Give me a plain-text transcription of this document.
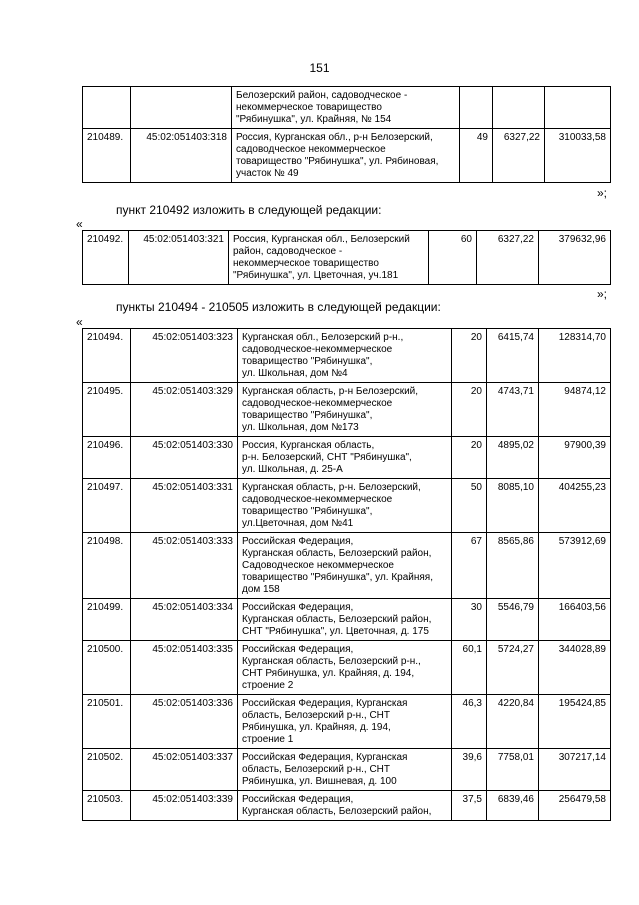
151
		Белозерский район, садоводческое -
некоммерческое товарищество
"Рябинушка", ул. Крайняя, № 154			
210489.	45:02:051403:318	Россия, Курганская обл., р-н Белозерский,
садоводческое некоммерческое
товарищество "Рябинушка", ул. Рябиновая,
участок № 49	49	6327,22	310033,58
»;
пункт 210492 изложить в следующей редакции:
«
210492.	45:02:051403:321	Россия, Курганская обл., Белозерский
район, садоводческое -
некоммерческое товарищество
"Рябинушка", ул. Цветочная, уч.181	60	6327,22	379632,96
»;
пункты 210494 - 210505 изложить в следующей редакции:
«
210494.	45:02:051403:323	Курганская обл., Белозерский р-н.,
садоводческое-некоммерческое
товарищество "Рябинушка",
ул. Школьная, дом №4	20	6415,74	128314,70
210495.	45:02:051403:329	Курганская область, р-н Белозерский,
садоводческое-некоммерческое
товарищество "Рябинушка",
ул. Школьная, дом №173	20	4743,71	94874,12
210496.	45:02:051403:330	Россия, Курганская область,
р-н. Белозерский, СНТ "Рябинушка",
ул. Школьная, д. 25-А	20	4895,02	97900,39
210497.	45:02:051403:331	Курганская область, р-н. Белозерский,
садоводческое-некоммерческое
товарищество "Рябинушка",
ул.Цветочная, дом №41	50	8085,10	404255,23
210498.	45:02:051403:333	Российская Федерация,
Курганская область, Белозерский район,
Садоводческое некоммерческое
товарищество "Рябинушка", ул. Крайняя,
дом 158	67	8565,86	573912,69
210499.	45:02:051403:334	Российская Федерация,
Курганская область, Белозерский район,
СНТ "Рябинушка", ул. Цветочная, д. 175	30	5546,79	166403,56
210500.	45:02:051403:335	Российская Федерация,
Курганская область, Белозерский р-н.,
СНТ Рябинушка, ул. Крайняя, д. 194,
строение 2	60,1	5724,27	344028,89
210501.	45:02:051403:336	Российская Федерация, Курганская
область, Белозерский р-н., СНТ
Рябинушка, ул. Крайняя, д. 194,
строение 1	46,3	4220,84	195424,85
210502.	45:02:051403:337	Российская Федерация, Курганская
область, Белозерский р-н., СНТ
Рябинушка, ул. Вишневая, д. 100	39,6	7758,01	307217,14
210503.	45:02:051403:339	Российская Федерация,
Курганская область, Белозерский район,	37,5	6839,46	256479,58
